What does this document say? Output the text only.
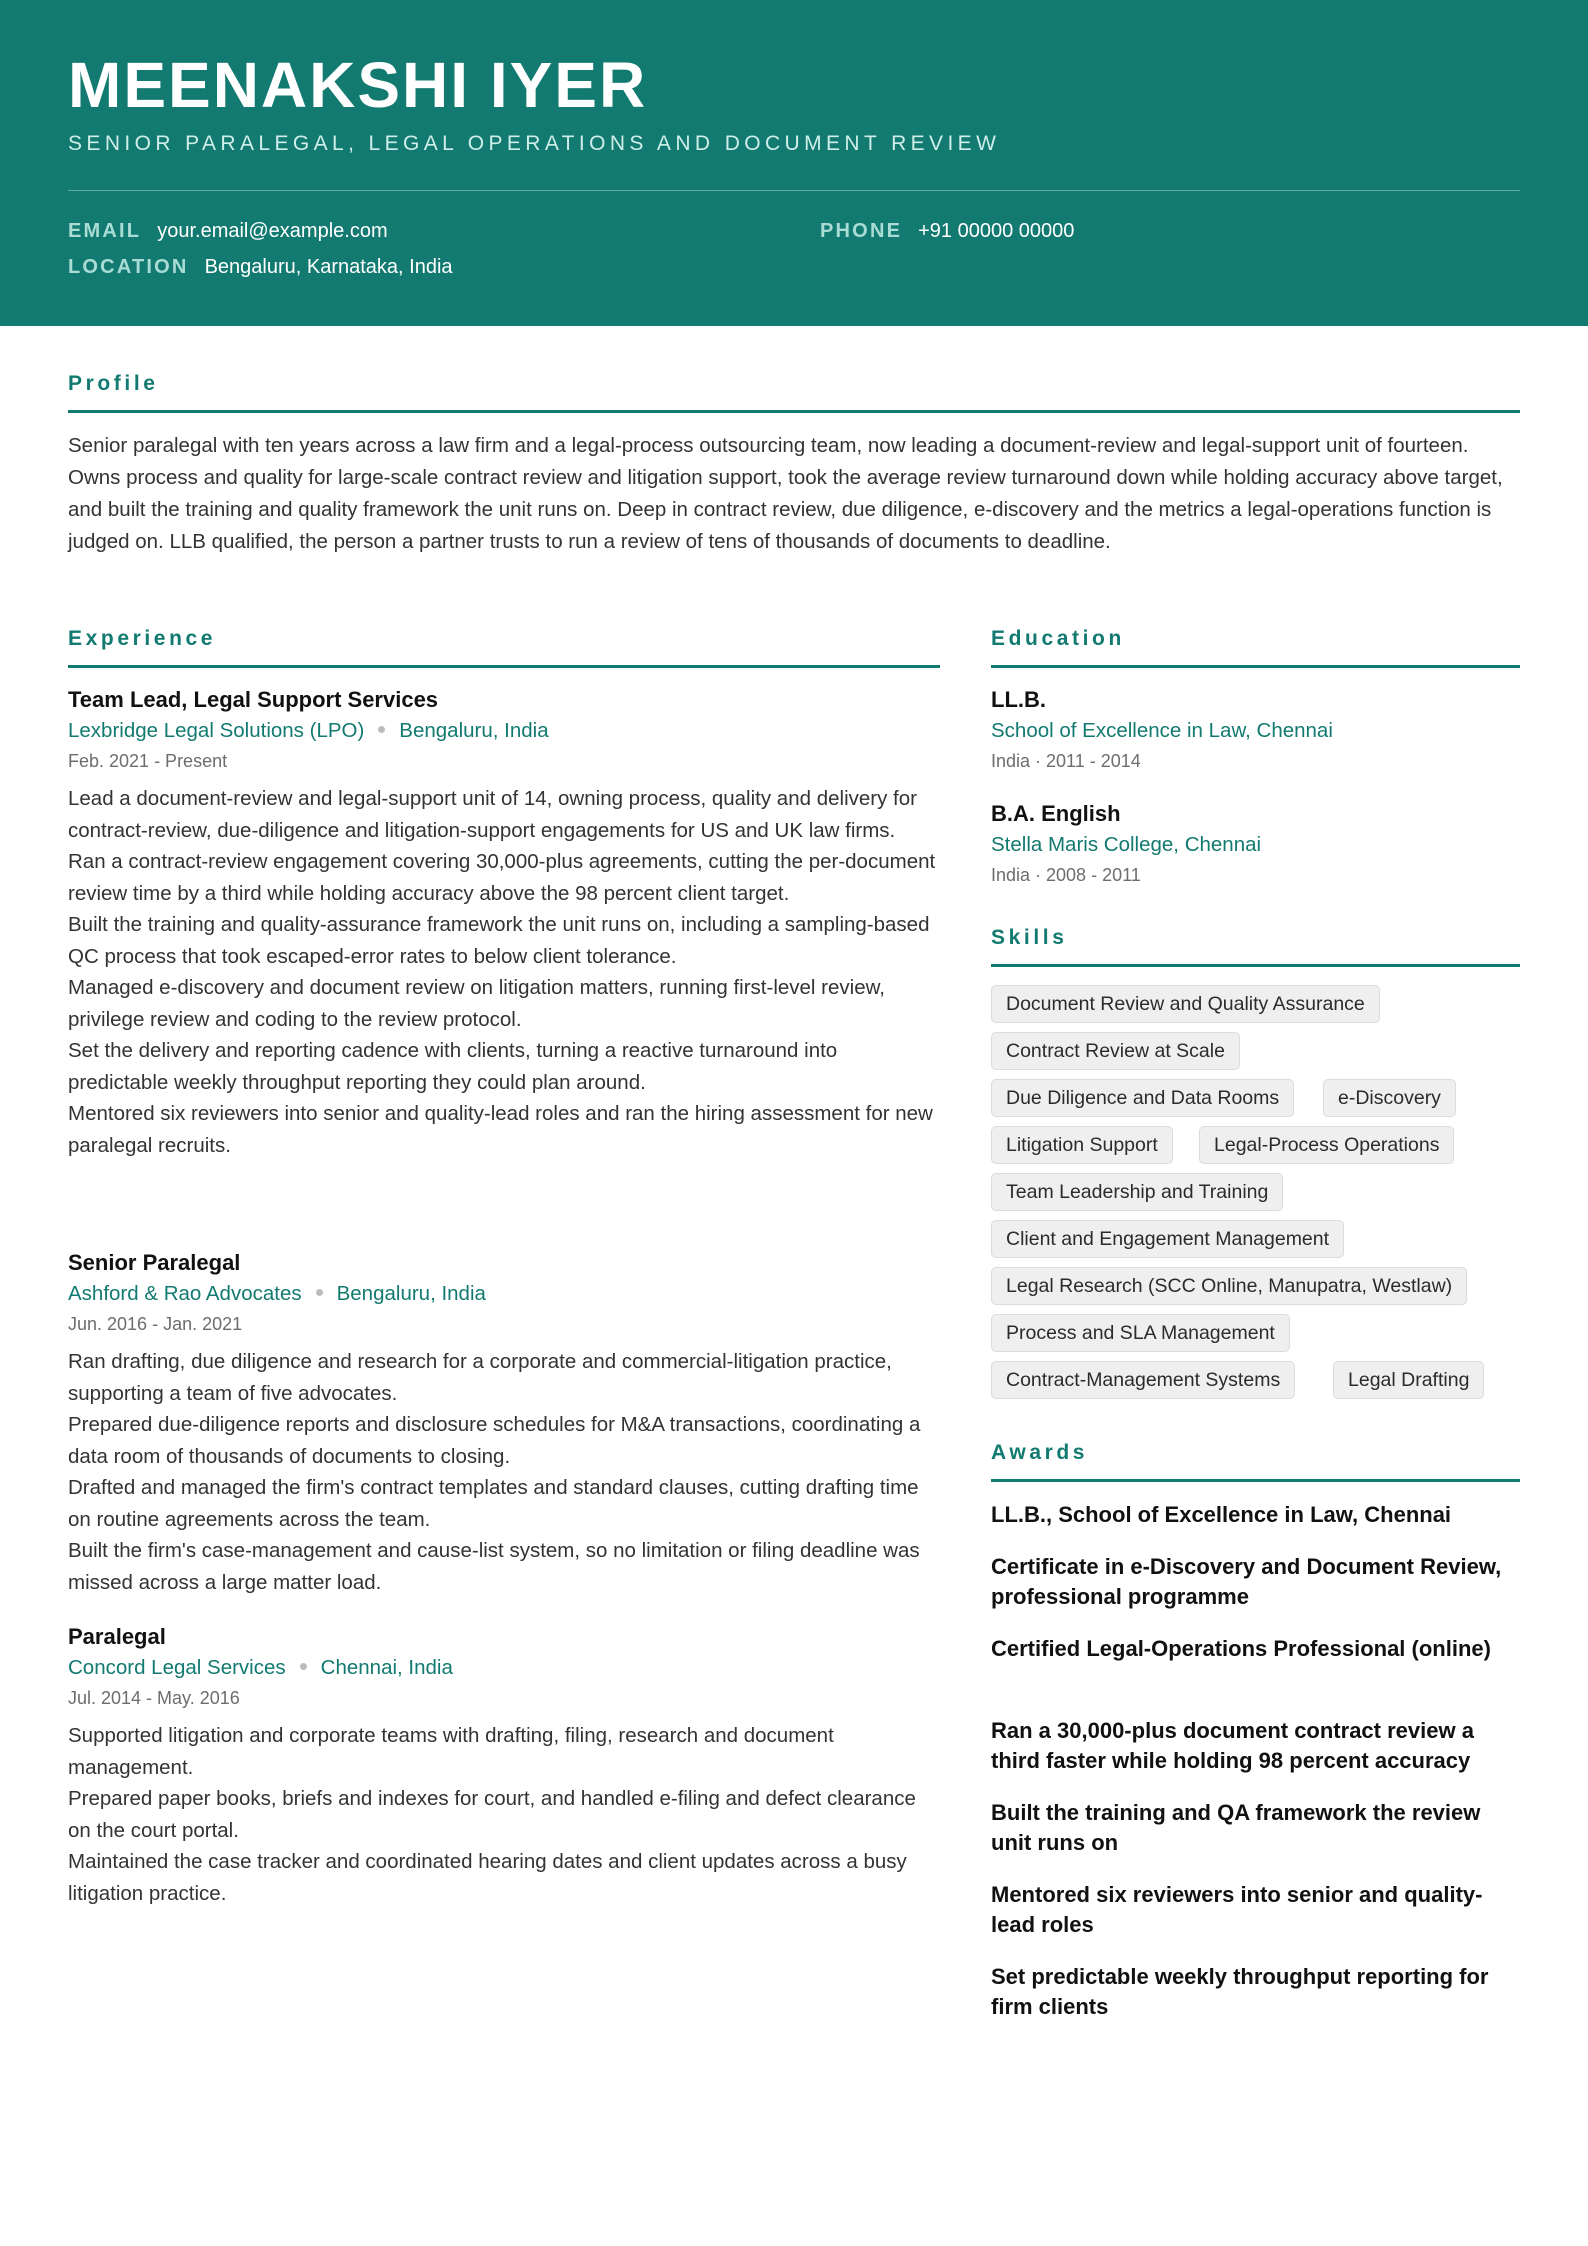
MEENAKSHI IYER
SENIOR PARALEGAL, LEGAL OPERATIONS AND DOCUMENT REVIEW
EMAIL your.email@example.com	PHONE +91 00000 00000
LOCATION Bengaluru, Karnataka, India
Profile
Senior paralegal with ten years across a law firm and a legal-process outsourcing team, now leading a document-review and legal-support unit of fourteen. Owns process and quality for large-scale contract review and litigation support, took the average review turnaround down while holding accuracy above target, and built the training and quality framework the unit runs on. Deep in contract review, due diligence, e-discovery and the metrics a legal-operations function is judged on. LLB qualified, the person a partner trusts to run a review of tens of thousands of documents to deadline.
Experience
Team Lead, Legal Support Services
Lexbridge Legal Solutions (LPO) Bengaluru, India
Feb. 2021 - Present
Lead a document-review and legal-support unit of 14, owning process, quality and delivery for contract-review, due-diligence and litigation-support engagements for US and UK law firms.
Ran a contract-review engagement covering 30,000-plus agreements, cutting the per-document review time by a third while holding accuracy above the 98 percent client target.
Built the training and quality-assurance framework the unit runs on, including a sampling-based QC process that took escaped-error rates to below client tolerance.
Managed e-discovery and document review on litigation matters, running first-level review, privilege review and coding to the review protocol.
Set the delivery and reporting cadence with clients, turning a reactive turnaround into predictable weekly throughput reporting they could plan around.
Mentored six reviewers into senior and quality-lead roles and ran the hiring assessment for new paralegal recruits.
Senior Paralegal
Ashford & Rao Advocates Bengaluru, India
Jun. 2016 - Jan. 2021
Ran drafting, due diligence and research for a corporate and commercial-litigation practice, supporting a team of five advocates.
Prepared due-diligence reports and disclosure schedules for M&A transactions, coordinating a data room of thousands of documents to closing.
Drafted and managed the firm's contract templates and standard clauses, cutting drafting time on routine agreements across the team.
Built the firm's case-management and cause-list system, so no limitation or filing deadline was missed across a large matter load.
Paralegal
Concord Legal Services Chennai, India
Jul. 2014 - May. 2016
Supported litigation and corporate teams with drafting, filing, research and document management.
Prepared paper books, briefs and indexes for court, and handled e-filing and defect clearance on the court portal.
Maintained the case tracker and coordinated hearing dates and client updates across a busy litigation practice.
Education
LL.B.
School of Excellence in Law, Chennai
India · 2011 - 2014
B.A. English
Stella Maris College, Chennai
India · 2008 - 2011
Skills
Document Review and Quality Assurance
Contract Review at Scale
Due Diligence and Data Rooms	e-Discovery
Litigation Support	Legal-Process Operations
Team Leadership and Training
Client and Engagement Management
Legal Research (SCC Online, Manupatra, Westlaw)
Process and SLA Management
Contract-Management Systems	Legal Drafting
Awards
LL.B., School of Excellence in Law, Chennai
Certificate in e-Discovery and Document Review, professional programme
Certified Legal-Operations Professional (online)
Ran a 30,000-plus document contract review a third faster while holding 98 percent accuracy
Built the training and QA framework the review unit runs on
Mentored six reviewers into senior and quality-lead roles
Set predictable weekly throughput reporting for firm clients
